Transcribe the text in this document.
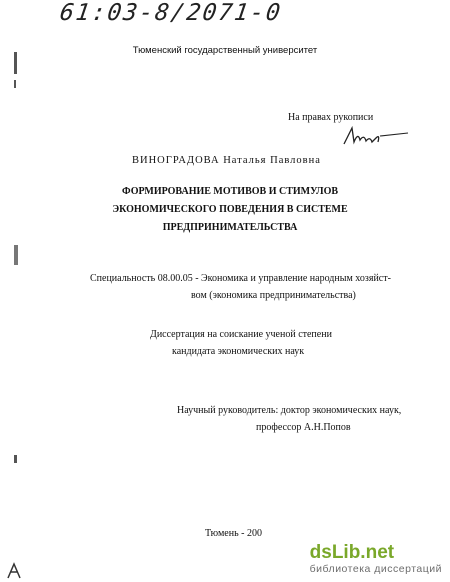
61:03-8/2071-0
Тюменский государственный университет
На правах рукописи
ВИНОГРАДОВА Наталья Павловна
ФОРМИРОВАНИЕ МОТИВОВ И СТИМУЛОВ
ЭКОНОМИЧЕСКОГО ПОВЕДЕНИЯ В СИСТЕМЕ
ПРЕДПРИНИМАТЕЛЬСТВА
Специальность 08.00.05 - Экономика и управление народным хозяйст-
вом (экономика предпринимательства)
Диссертация на соискание ученой степени
кандидата экономических наук
Научный руководитель: доктор экономических наук,
профессор А.Н.Попов
Тюмень - 200
dsLib.net
библиотека диссертаций
